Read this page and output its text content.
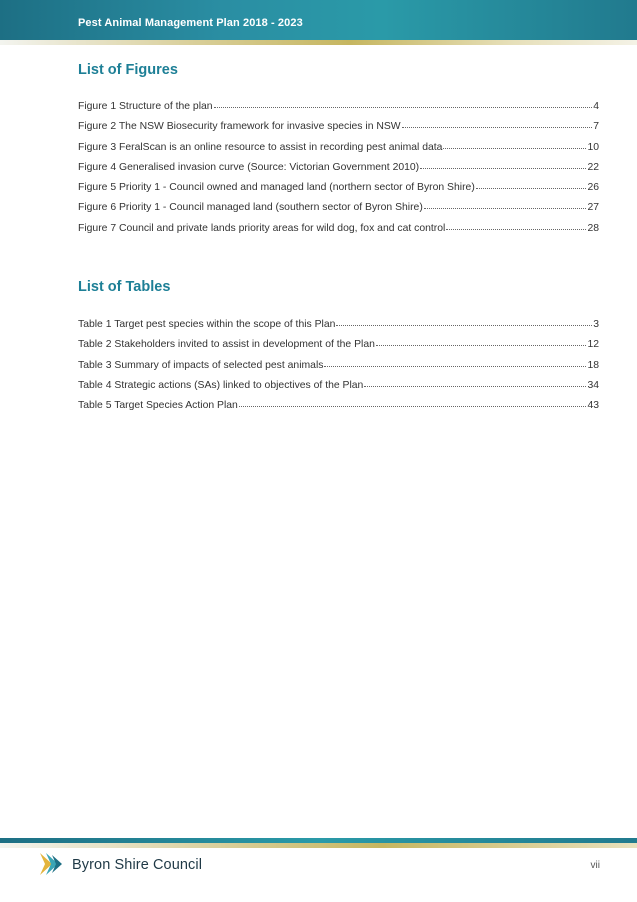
Pest Animal Management Plan 2018 - 2023
List of Figures
Figure 1 Structure of the plan	4
Figure 2 The NSW Biosecurity framework for invasive species in NSW	7
Figure 3 FeralScan is an online resource to assist in recording pest animal data	10
Figure 4 Generalised invasion curve (Source: Victorian Government 2010)	22
Figure 5 Priority 1 - Council owned and managed land (northern sector of Byron Shire)	26
Figure 6 Priority 1 - Council managed land (southern sector of Byron Shire)	27
Figure 7 Council and private lands priority areas for wild dog, fox and cat control	28
List of Tables
Table 1 Target pest species within the scope of this Plan	3
Table 2 Stakeholders invited to assist in development of the Plan	12
Table 3 Summary of impacts of selected pest animals	18
Table 4 Strategic actions (SAs) linked to objectives of the Plan	34
Table 5 Target Species Action Plan	43
Byron Shire Council	vii
